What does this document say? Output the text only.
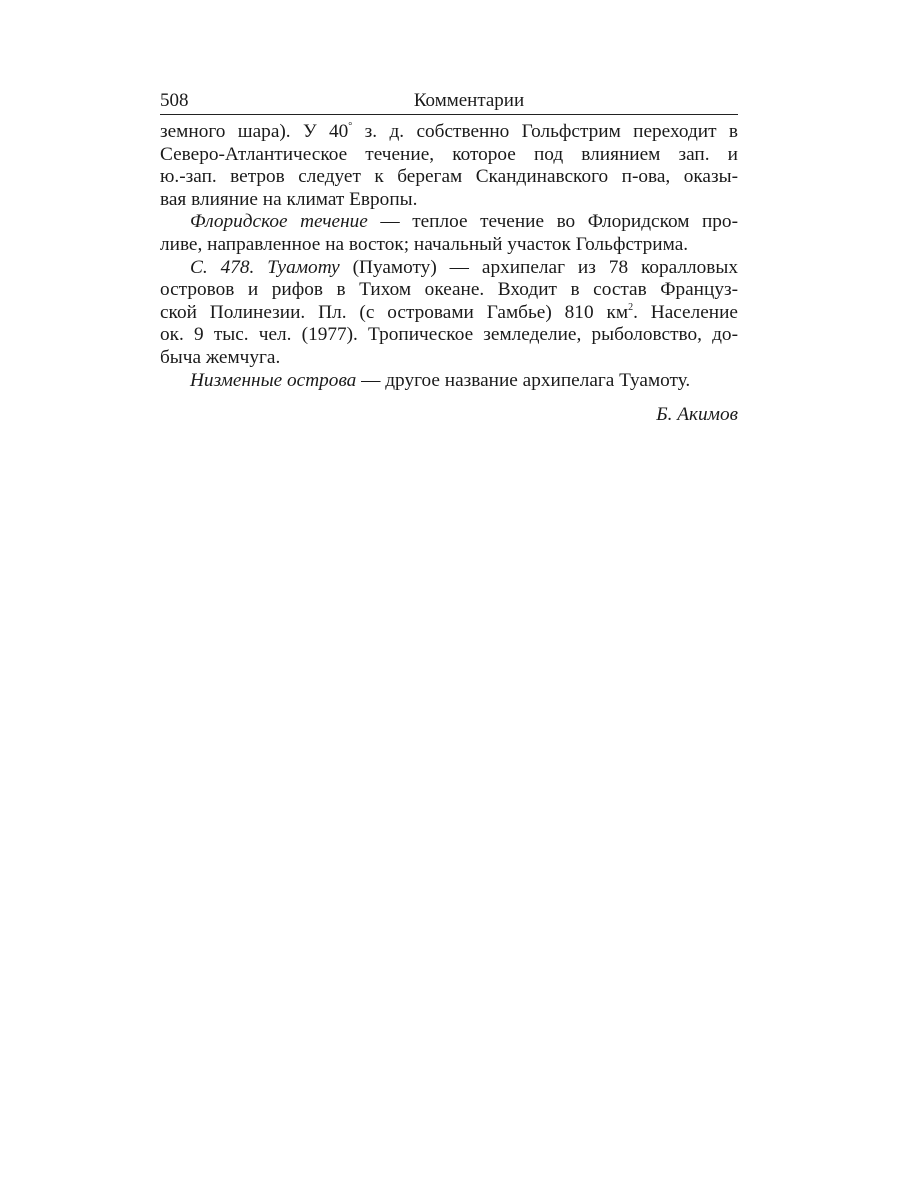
508	Комментарии
земного шара). У 40° з. д. собственно Гольфстрим переходит в
Северо-Атлантическое течение, которое под влиянием зап. и
ю.-зап. ветров следует к берегам Скандинавского п-ова, оказы-
вая влияние на климат Европы.
Флоридское течение — теплое течение во Флоридском про-
ливе, направленное на восток; начальный участок Гольфстрима.
С. 478. Туамоту (Пуамоту) — архипелаг из 78 коралловых
островов и рифов в Тихом океане. Входит в состав Француз-
ской Полинезии. Пл. (с островами Гамбье) 810 $км^2$. Население
ок. 9 тыс. чел. (1977). Тропическое земледелие, рыболовство, до-
быча жемчуга.
Низменные острова — другое название архипелага Туамоту.
Б. Акимов
